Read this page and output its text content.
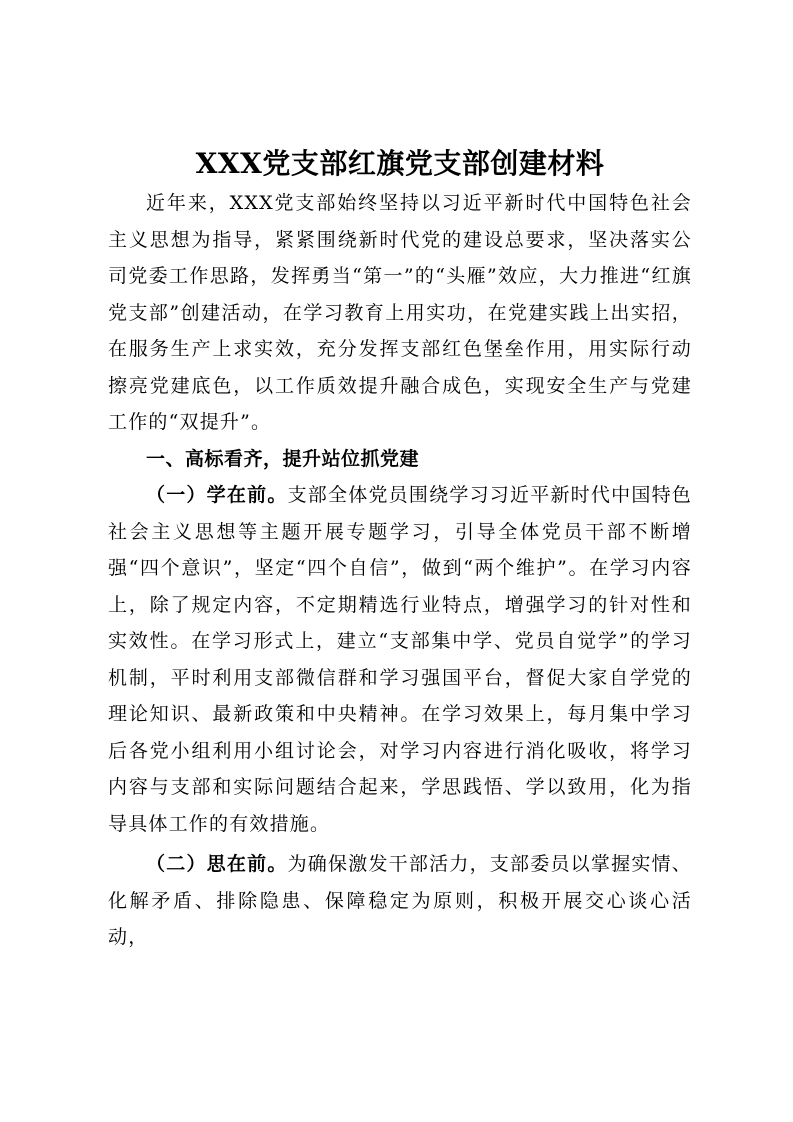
XXX党支部红旗党支部创建材料

近年来，XXX党支部始终坚持以习近平新时代中国特色社会主义思想为指导，紧紧围绕新时代党的建设总要求，坚决落实公司党委工作思路，发挥勇当“第一”的“头雁”效应，大力推进“红旗党支部”创建活动，在学习教育上用实功，在党建实践上出实招，在服务生产上求实效，充分发挥支部红色堡垒作用，用实际行动擦亮党建底色，以工作质效提升融合成色，实现安全生产与党建工作的“双提升”。

一、高标看齐，提升站位抓党建

（一）学在前。支部全体党员围绕学习习近平新时代中国特色社会主义思想等主题开展专题学习，引导全体党员干部不断增强“四个意识”，坚定“四个自信”，做到“两个维护”。在学习内容上，除了规定内容，不定期精选行业特点，增强学习的针对性和实效性。在学习形式上，建立“支部集中学、党员自觉学”的学习机制，平时利用支部微信群和学习强国平台，督促大家自学党的理论知识、最新政策和中央精神。在学习效果上，每月集中学习后各党小组利用小组讨论会，对学习内容进行消化吸收，将学习内容与支部和实际问题结合起来，学思践悟、学以致用，化为指导具体工作的有效措施。

（二）思在前。为确保激发干部活力，支部委员以掌握实情、化解矛盾、排除隐患、保障稳定为原则，积极开展交心谈心活动，
